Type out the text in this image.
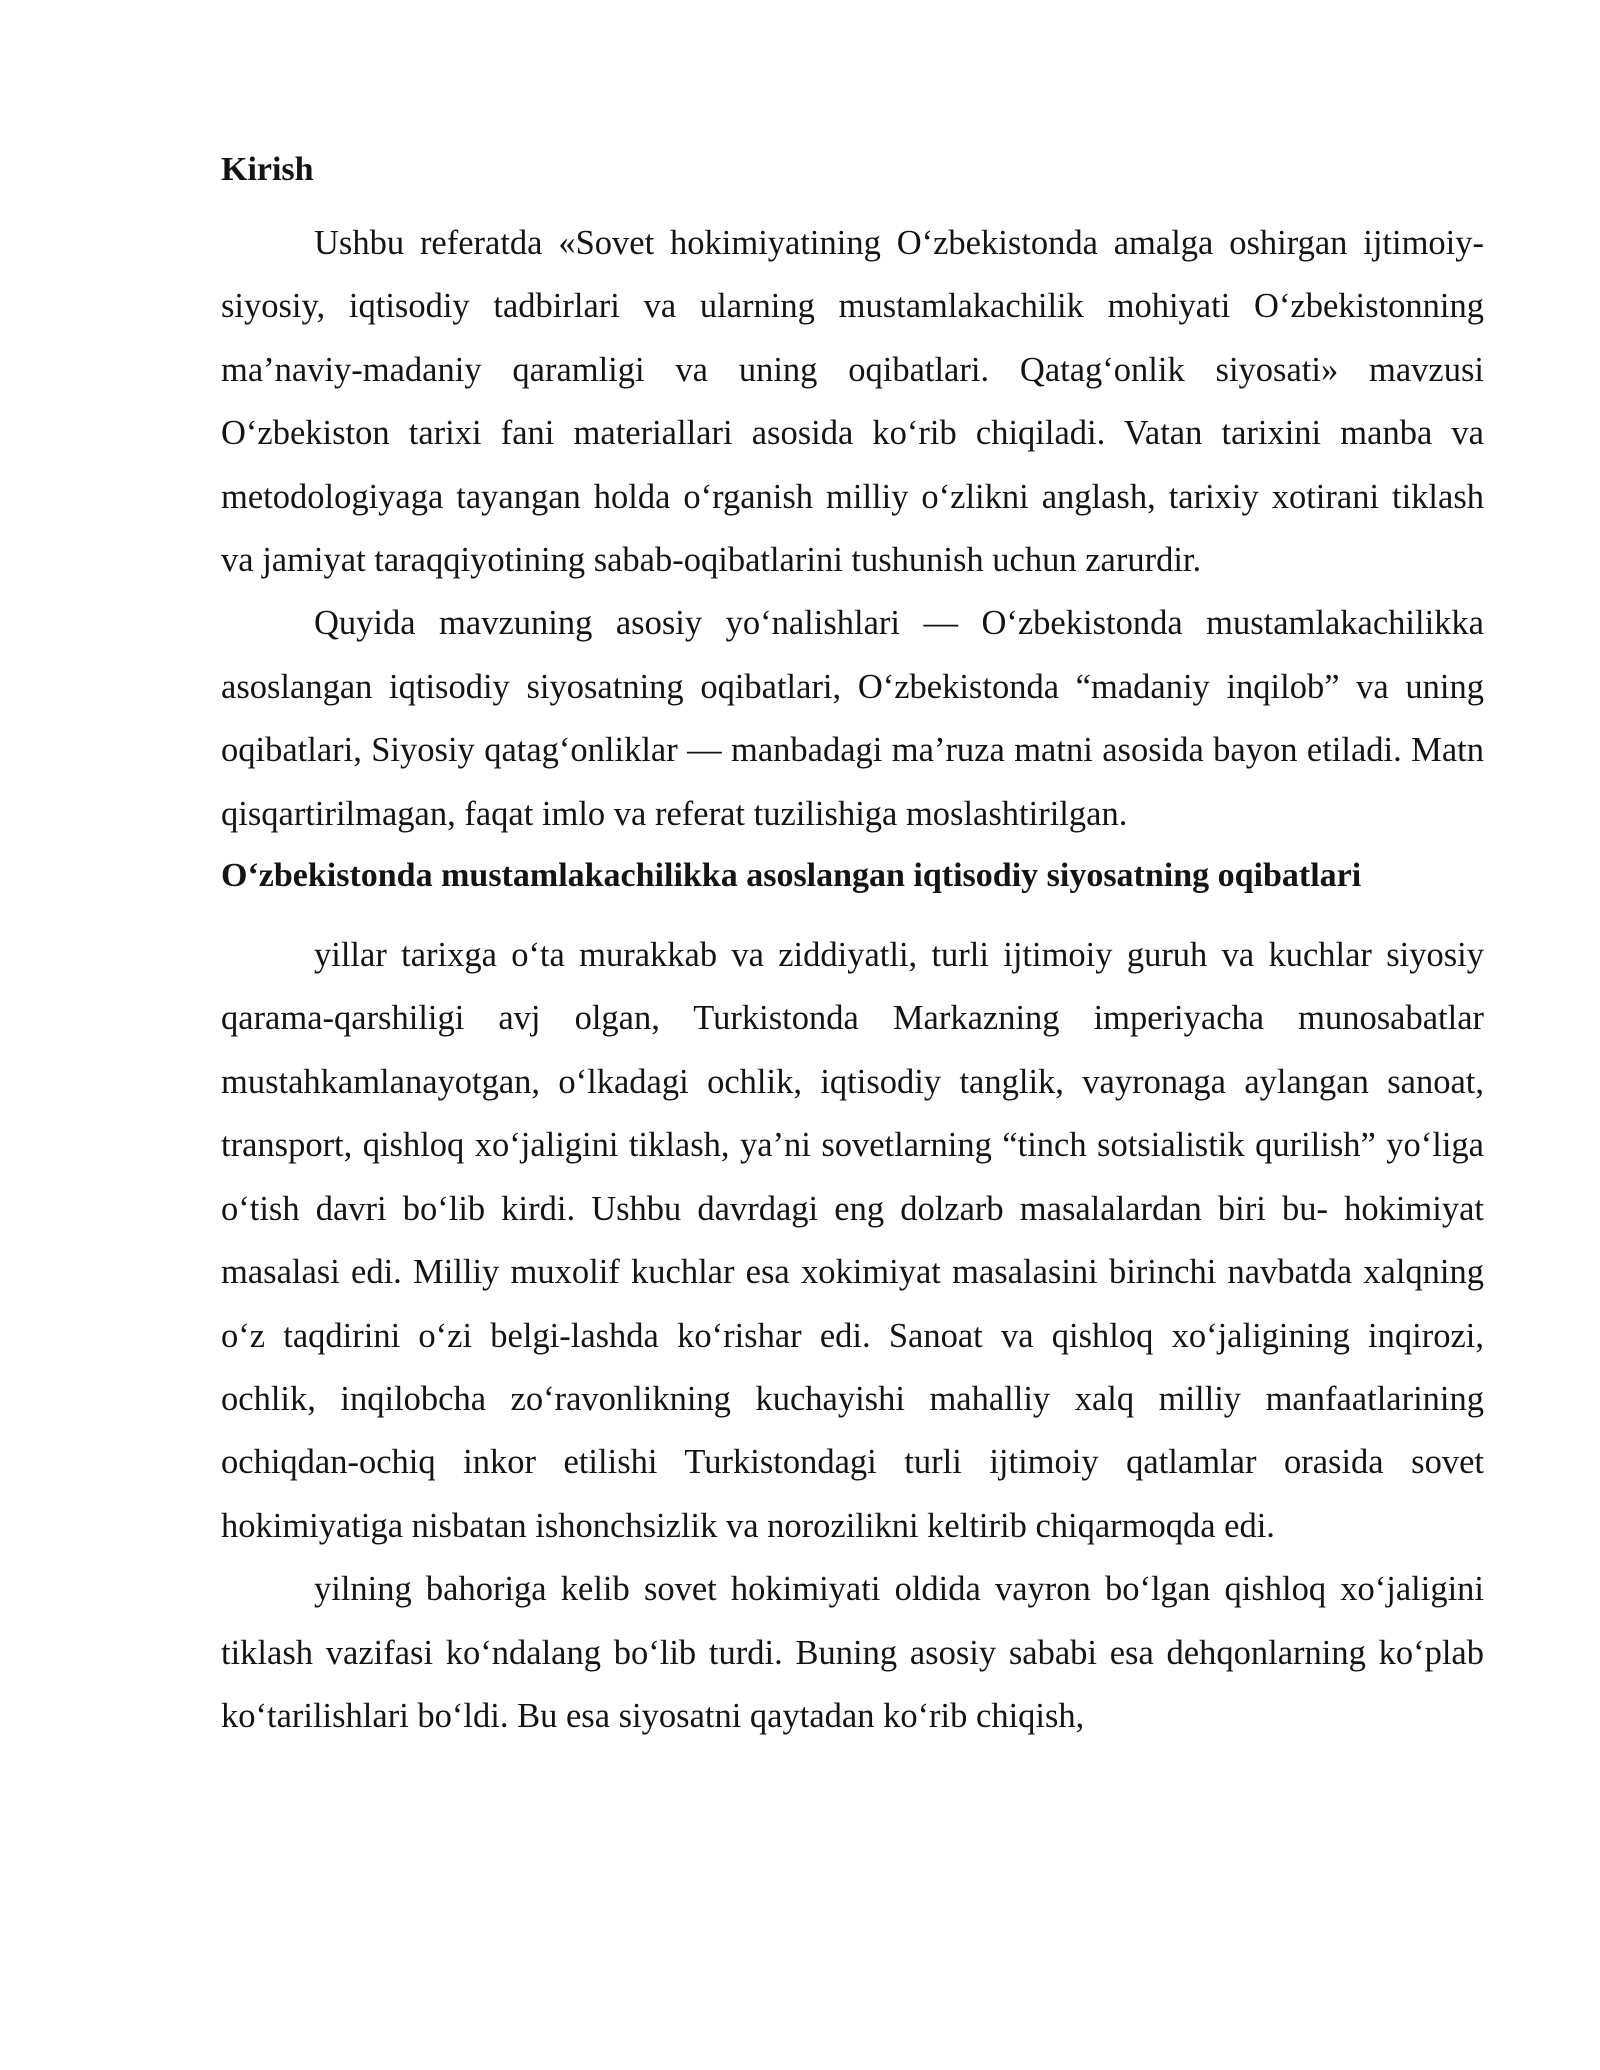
Kirish

Ushbu referatda «Sovet hokimiyatining O‘zbekistonda amalga oshirgan ijtimoiy-siyosiy, iqtisodiy tadbirlari va ularning mustamlakachilik mohiyati O‘zbekistonning ma’naviy-madaniy qaramligi va uning oqibatlari. Qatag‘onlik siyosati» mavzusi O‘zbekiston tarixi fani materiallari asosida ko‘rib chiqiladi. Vatan tarixini manba va metodologiyaga tayangan holda o‘rganish milliy o‘zlikni anglash, tarixiy xotirani tiklash va jamiyat taraqqiyotining sabab-oqibatlarini tushunish uchun zarurdir.

Quyida mavzuning asosiy yo‘nalishlari — O‘zbekistonda mustamlakachilikka asoslangan iqtisodiy siyosatning oqibatlari, O‘zbekistonda “madaniy inqilob” va uning oqibatlari, Siyosiy qatag‘onliklar — manbadagi ma’ruza matni asosida bayon etiladi. Matn qisqartirilmagan, faqat imlo va referat tuzilishiga moslashtirilgan.

O‘zbekistonda mustamlakachilikka asoslangan iqtisodiy siyosatning oqibatlari

yillar tarixga o‘ta murakkab va ziddiyatli, turli ijtimoiy guruh va kuchlar siyosiy qarama-qarshiligi avj olgan, Turkistonda Markazning imperiyacha munosabatlar mustahkamlanayotgan, o‘lkadagi ochlik, iqtisodiy tanglik, vayronaga aylangan sanoat, transport, qishloq xo‘jaligini tiklash, ya’ni sovetlarning “tinch sotsialistik qurilish” yo‘liga o‘tish davri bo‘lib kirdi. Ushbu davrdagi eng dolzarb masalalardan biri bu- hokimiyat masalasi edi. Milliy muxolif kuchlar esa xokimiyat masalasini birinchi navbatda xalqning o‘z taqdirini o‘zi belgi-lashda ko‘rishar edi. Sanoat va qishloq xo‘jaligining inqirozi, ochlik, inqilobcha zo‘ravonlikning kuchayishi mahalliy xalq milliy manfaatlarining ochiqdan-ochiq inkor etilishi Turkistondagi turli ijtimoiy qatlamlar orasida sovet hokimiyatiga nisbatan ishonchsizlik va norozilikni keltirib chiqarmoqda edi.

yilning bahoriga kelib sovet hokimiyati oldida vayron bo‘lgan qishloq xo‘jaligini tiklash vazifasi ko‘ndalang bo‘lib turdi. Buning asosiy sababi esa dehqonlarning ko‘plab ko‘tarilishlari bo‘ldi. Bu esa siyosatni qaytadan ko‘rib chiqish,
